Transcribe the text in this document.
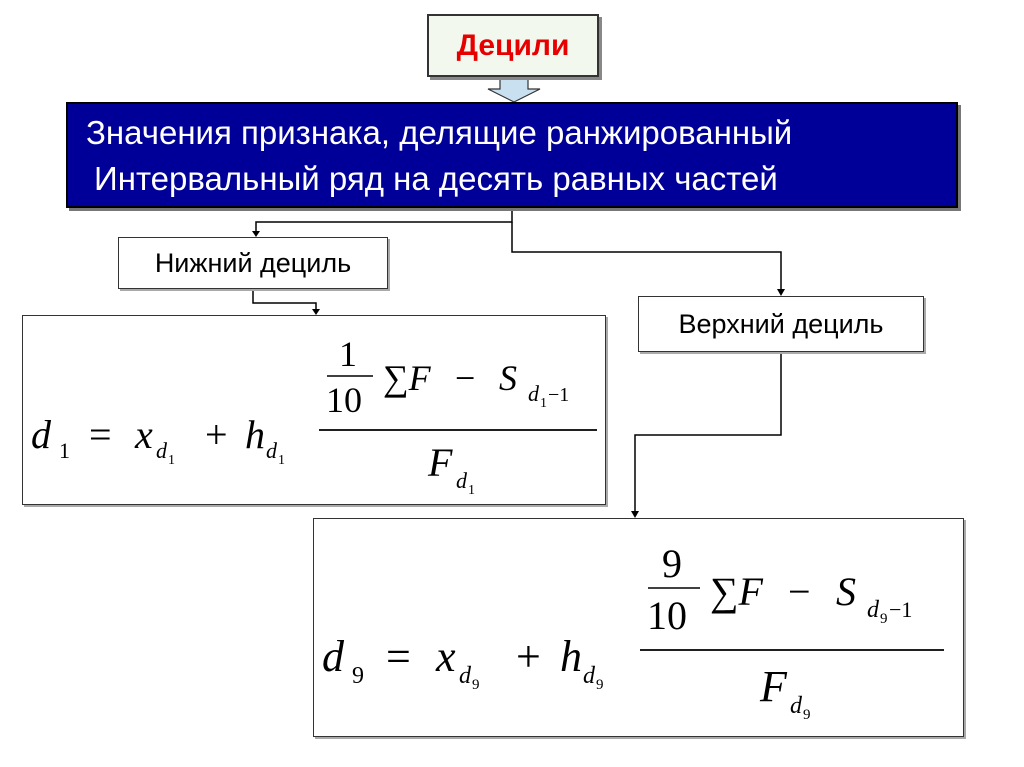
Децили
Значения признака, делящие ранжированный
Интервальный ряд на десять равных частей
Нижний дециль
Верхний дециль
d 1 = x d 1
+ h d 1
1
10
∑F − S d 1 −1
F d 1
d 9 = x d 9
+ h d 9
9
10
∑F − S d 9 −1
F d 9
